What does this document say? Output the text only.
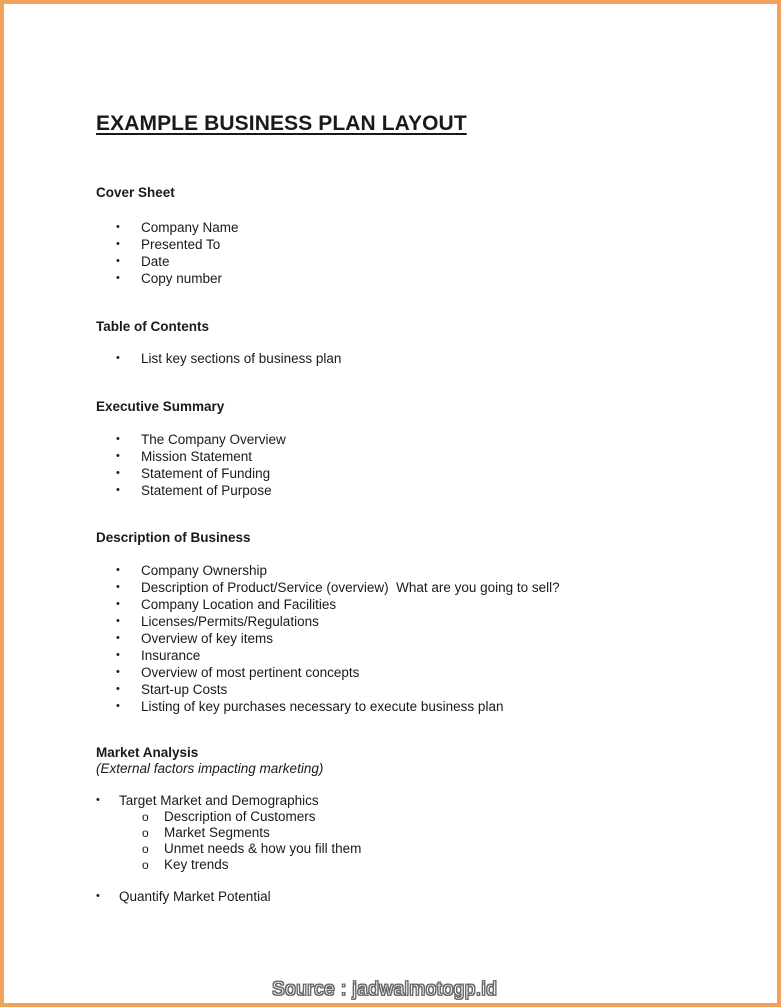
EXAMPLE BUSINESS PLAN LAYOUT
Cover Sheet
• Company Name
• Presented To
• Date
• Copy number
Table of Contents
• List key sections of business plan
Executive Summary
• The Company Overview
• Mission Statement
• Statement of Funding
• Statement of Purpose
Description of Business
• Company Ownership
• Description of Product/Service (overview)  What are you going to sell?
• Company Location and Facilities
• Licenses/Permits/Regulations
• Overview of key items
• Insurance
• Overview of most pertinent concepts
• Start-up Costs
• Listing of key purchases necessary to execute business plan
Market Analysis

(External factors impacting marketing)

• Target Market and Demographics
o Description of Customers
o Market Segments
o Unmet needs & how you fill them
o Key trends
• Quantify Market Potential
Source : jadwalmotogp.id
